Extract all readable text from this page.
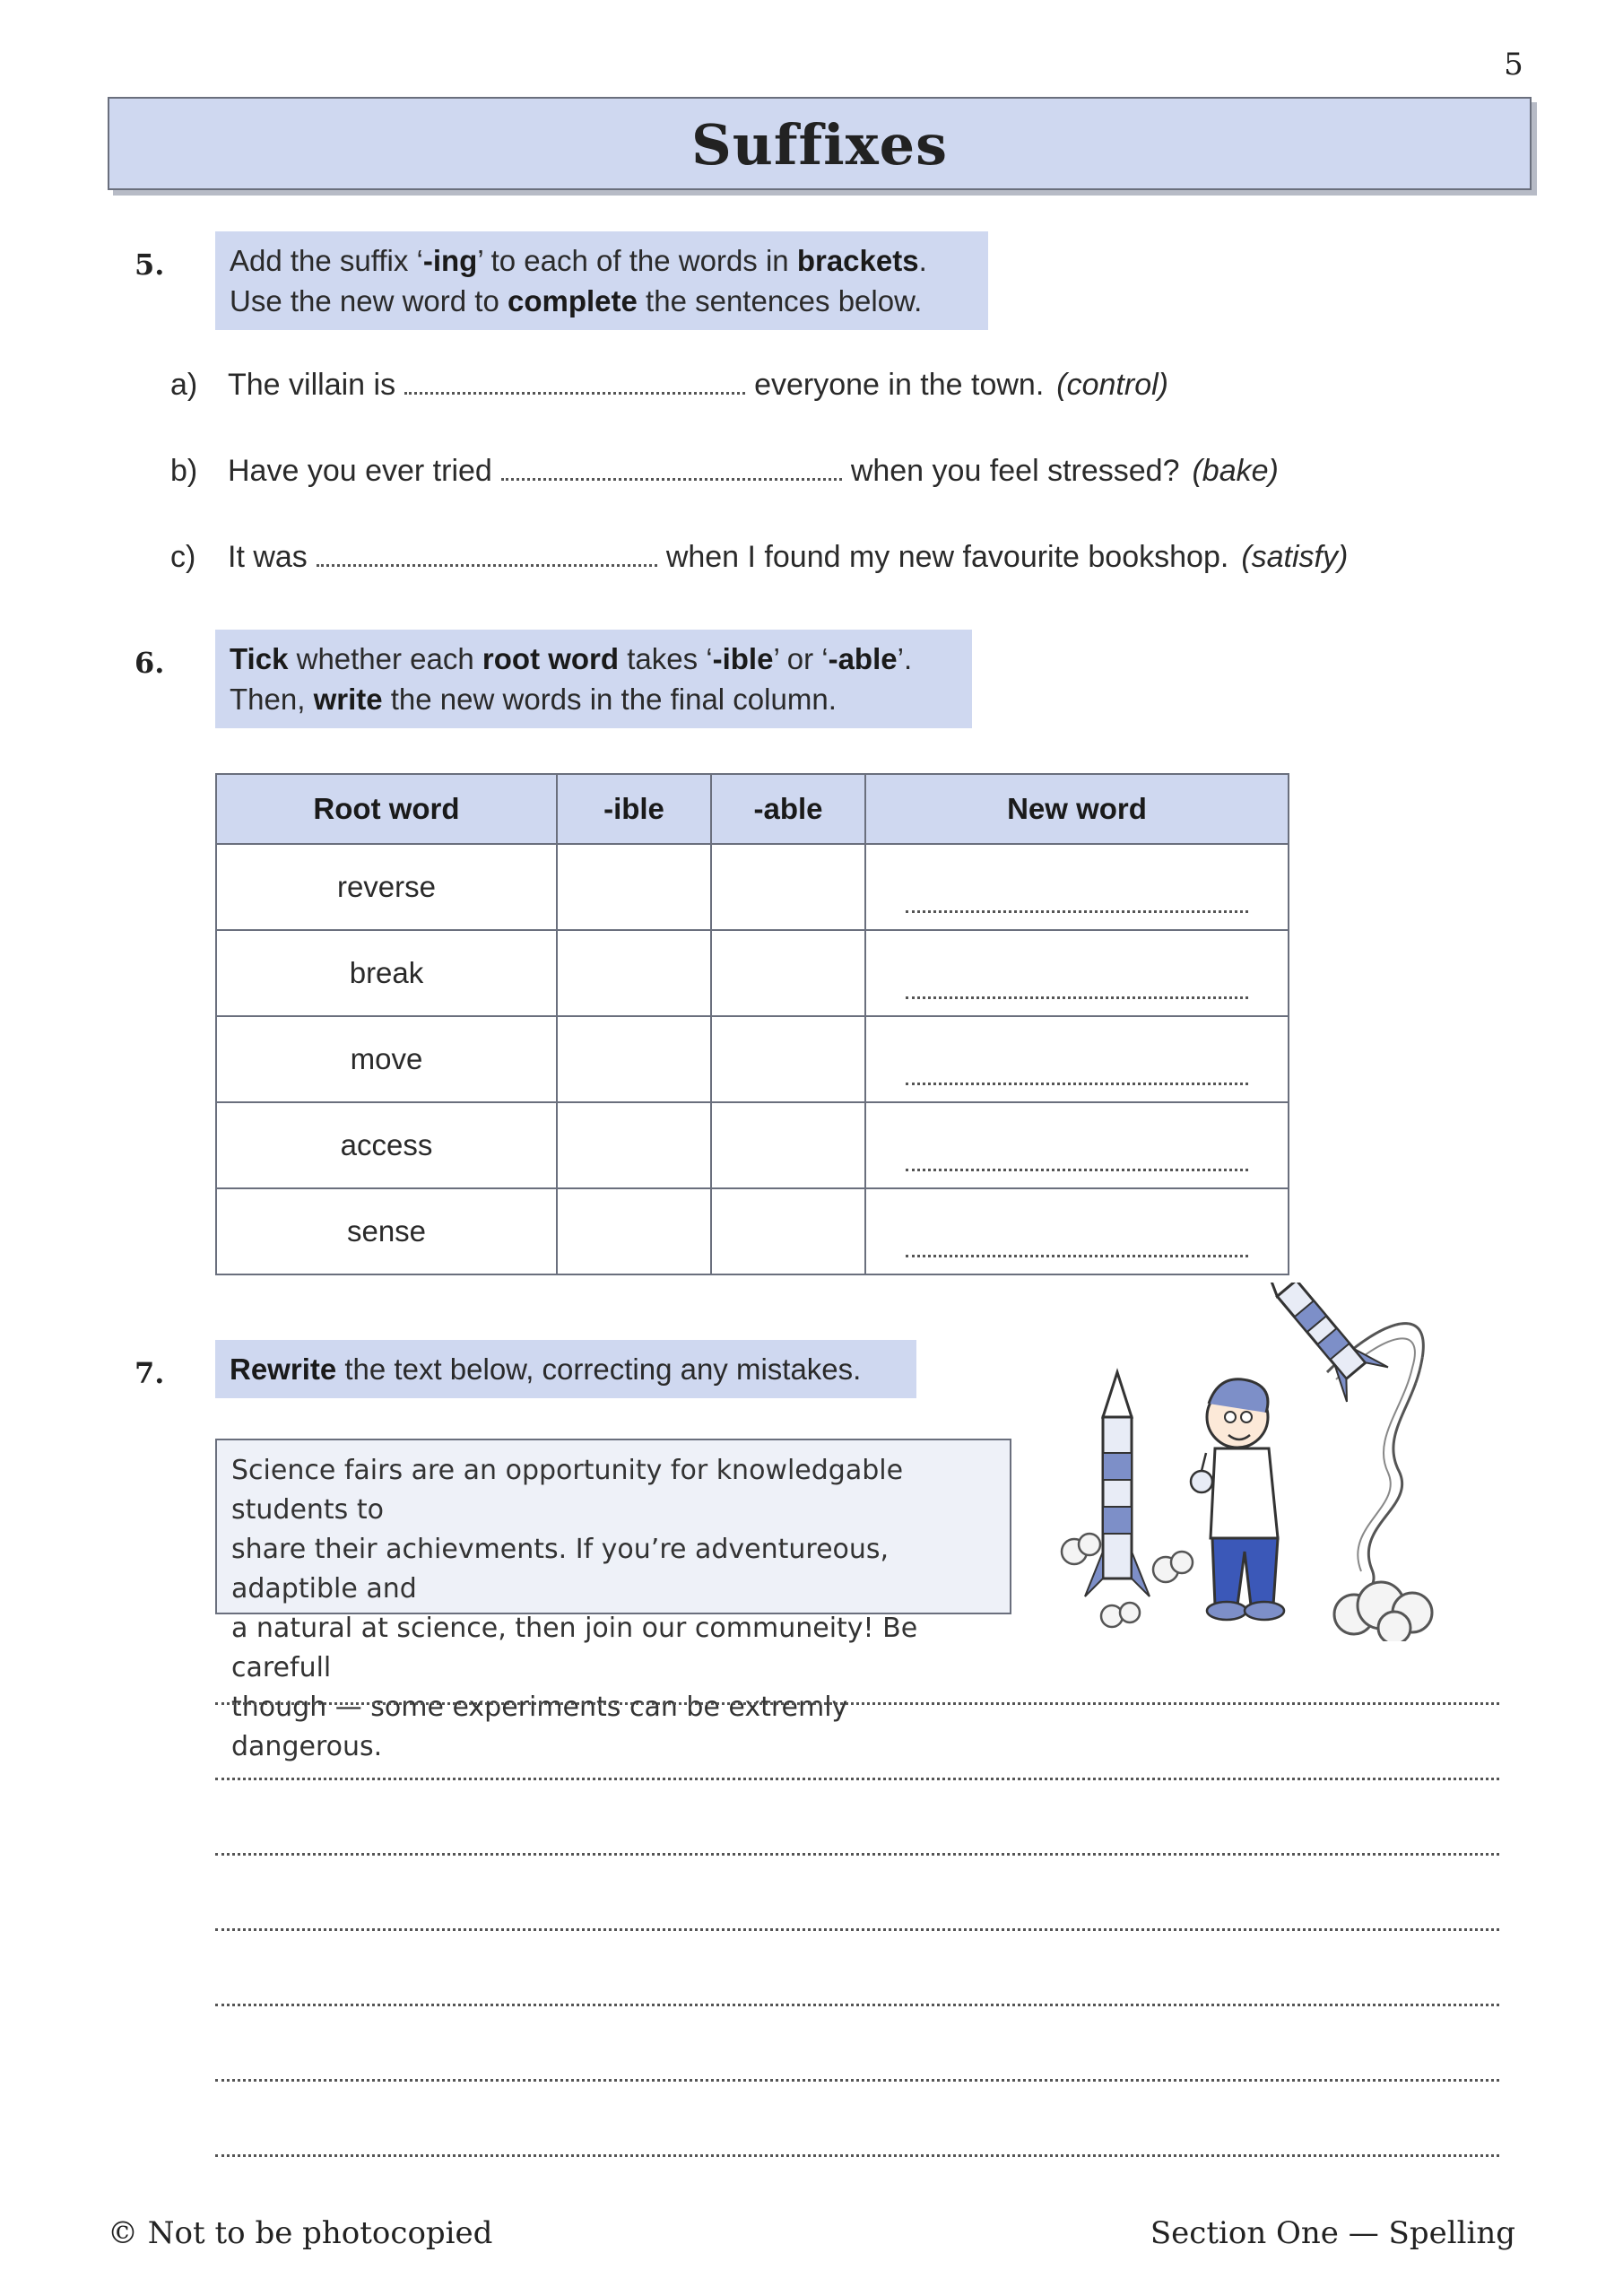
5
Suffixes
5. Add the suffix ‘-ing’ to each of the words in brackets.
Use the new word to complete the sentences below.
a) The villain is	everyone in the town. (control)
b) Have you ever tried	when you feel stressed? (bake)
c) It was	when I found my new favourite bookshop. (satisfy)
6. Tick whether each root word takes ‘-ible’ or ‘-able’.
Then, write the new words in the final column.
Root word	-ible	-able	New word
reverse			

break			

move			

access			

sense			
7. Rewrite the text below, correcting any mistakes.
Science fairs are an opportunity for knowledgable students to
share their achievments. If you’re adventureous, adaptible and
a natural at science, then join our communeity! Be carefull
though — some experiments can be extremly dangerous.
© Not to be photocopied	Section One — Spelling
